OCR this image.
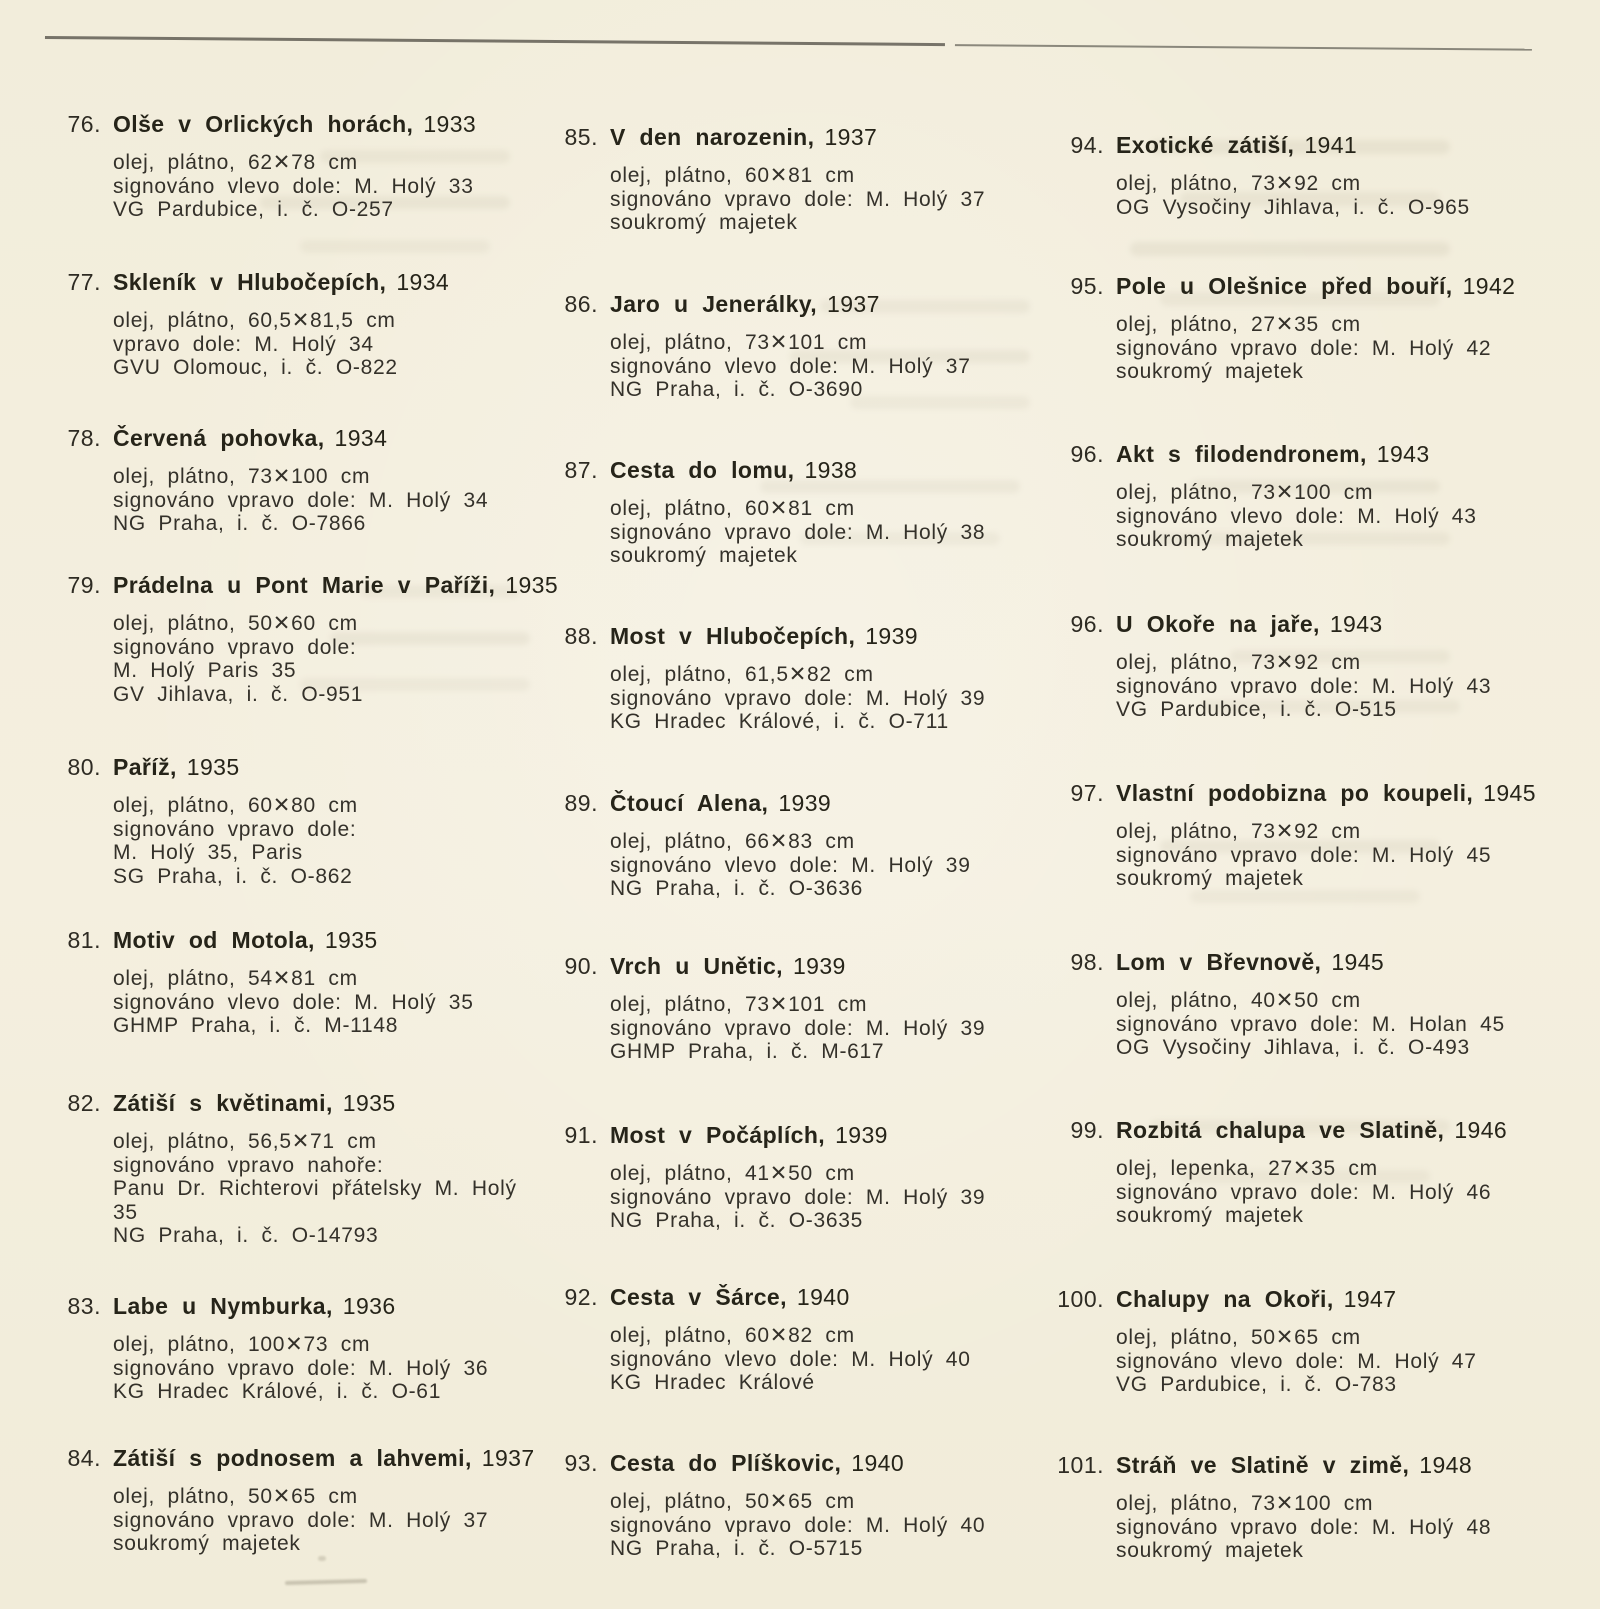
76. Olše v Orlických horách, 1933
olej, plátno, 62✕78 cm
signováno vlevo dole: M. Holý 33
VG Pardubice, i. č. O-257
77. Skleník v Hlubočepích, 1934
olej, plátno, 60,5✕81,5 cm
vpravo dole: M. Holý 34
GVU Olomouc, i. č. O-822
78. Červená pohovka, 1934
olej, plátno, 73✕100 cm
signováno vpravo dole: M. Holý 34
NG Praha, i. č. O-7866
79. Prádelna u Pont Marie v Paříži, 1935
olej, plátno, 50✕60 cm
signováno vpravo dole:
M. Holý Paris 35
GV Jihlava, i. č. O-951
80. Paříž, 1935
olej, plátno, 60✕80 cm
signováno vpravo dole:
M. Holý 35, Paris
SG Praha, i. č. O-862
81. Motiv od Motola, 1935
olej, plátno, 54✕81 cm
signováno vlevo dole: M. Holý 35
GHMP Praha, i. č. M-1148
82. Zátiší s květinami, 1935
olej, plátno, 56,5✕71 cm
signováno vpravo nahoře:
Panu Dr. Richterovi přátelsky M. Holý
35
NG Praha, i. č. O-14793
83. Labe u Nymburka, 1936
olej, plátno, 100✕73 cm
signováno vpravo dole: M. Holý 36
KG Hradec Králové, i. č. O-61
84. Zátiší s podnosem a lahvemi, 1937
olej, plátno, 50✕65 cm
signováno vpravo dole: M. Holý 37
soukromý majetek
85. V den narozenin, 1937
olej, plátno, 60✕81 cm
signováno vpravo dole: M. Holý 37
soukromý majetek
86. Jaro u Jenerálky, 1937
olej, plátno, 73✕101 cm
signováno vlevo dole: M. Holý 37
NG Praha, i. č. O-3690
87. Cesta do lomu, 1938
olej, plátno, 60✕81 cm
signováno vpravo dole: M. Holý 38
soukromý majetek
88. Most v Hlubočepích, 1939
olej, plátno, 61,5✕82 cm
signováno vpravo dole: M. Holý 39
KG Hradec Králové, i. č. O-711
89. Čtoucí Alena, 1939
olej, plátno, 66✕83 cm
signováno vlevo dole: M. Holý 39
NG Praha, i. č. O-3636
90. Vrch u Unětic, 1939
olej, plátno, 73✕101 cm
signováno vpravo dole: M. Holý 39
GHMP Praha, i. č. M-617
91. Most v Počáplích, 1939
olej, plátno, 41✕50 cm
signováno vpravo dole: M. Holý 39
NG Praha, i. č. O-3635
92. Cesta v Šárce, 1940
olej, plátno, 60✕82 cm
signováno vlevo dole: M. Holý 40
KG Hradec Králové
93. Cesta do Plíškovic, 1940
olej, plátno, 50✕65 cm
signováno vpravo dole: M. Holý 40
NG Praha, i. č. O-5715
94. Exotické zátiší, 1941
olej, plátno, 73✕92 cm
OG Vysočiny Jihlava, i. č. O-965
95. Pole u Olešnice před bouří, 1942
olej, plátno, 27✕35 cm
signováno vpravo dole: M. Holý 42
soukromý majetek
96. Akt s filodendronem, 1943
olej, plátno, 73✕100 cm
signováno vlevo dole: M. Holý 43
soukromý majetek
96. U Okoře na jaře, 1943
olej, plátno, 73✕92 cm
signováno vpravo dole: M. Holý 43
VG Pardubice, i. č. O-515
97. Vlastní podobizna po koupeli, 1945
olej, plátno, 73✕92 cm
signováno vpravo dole: M. Holý 45
soukromý majetek
98. Lom v Břevnově, 1945
olej, plátno, 40✕50 cm
signováno vpravo dole: M. Holan 45
OG Vysočiny Jihlava, i. č. O-493
99. Rozbitá chalupa ve Slatině, 1946
olej, lepenka, 27✕35 cm
signováno vpravo dole: M. Holý 46
soukromý majetek
100. Chalupy na Okoři, 1947
olej, plátno, 50✕65 cm
signováno vlevo dole: M. Holý 47
VG Pardubice, i. č. O-783
101. Stráň ve Slatině v zimě, 1948
olej, plátno, 73✕100 cm
signováno vpravo dole: M. Holý 48
soukromý majetek
